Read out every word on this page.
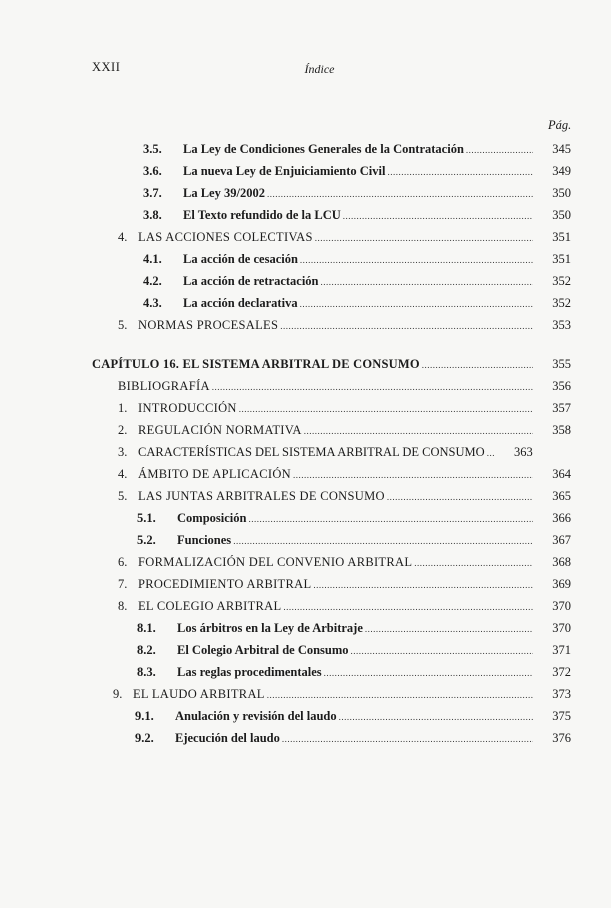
XXII	Índice
Pág.
3.5.	La Ley de Condiciones Generales de la Contratación .....	345
3.6.	La nueva Ley de Enjuiciamiento Civil .....	349
3.7.	La Ley 39/2002 .....	350
3.8.	El Texto refundido de la LCU .....	350
4. LAS ACCIONES COLECTIVAS .....	351
4.1.	La acción de cesación .....	351
4.2.	La acción de retractación .....	352
4.3.	La acción declarativa .....	352
5. NORMAS PROCESALES .....	353
CAPÍTULO 16. EL SISTEMA ARBITRAL DE CONSUMO .....	355
BIBLIOGRAFÍA .....	356
1. INTRODUCCIÓN .....	357
2. REGULACIÓN NORMATIVA .....	358
3. CARACTERÍSTICAS DEL SISTEMA ARBITRAL DE CONSUMO .....	363
4. ÁMBITO DE APLICACIÓN .....	364
5. LAS JUNTAS ARBITRALES DE CONSUMO .....	365
5.1.	Composición .....	366
5.2.	Funciones .....	367
6. FORMALIZACIÓN DEL CONVENIO ARBITRAL .....	368
7. PROCEDIMIENTO ARBITRAL .....	369
8. EL COLEGIO ARBITRAL .....	370
8.1.	Los árbitros en la Ley de Arbitraje .....	370
8.2.	El Colegio Arbitral de Consumo .....	371
8.3.	Las reglas procedimentales .....	372
9. EL LAUDO ARBITRAL .....	373
9.1.	Anulación y revisión del laudo .....	375
9.2.	Ejecución del laudo .....	376
